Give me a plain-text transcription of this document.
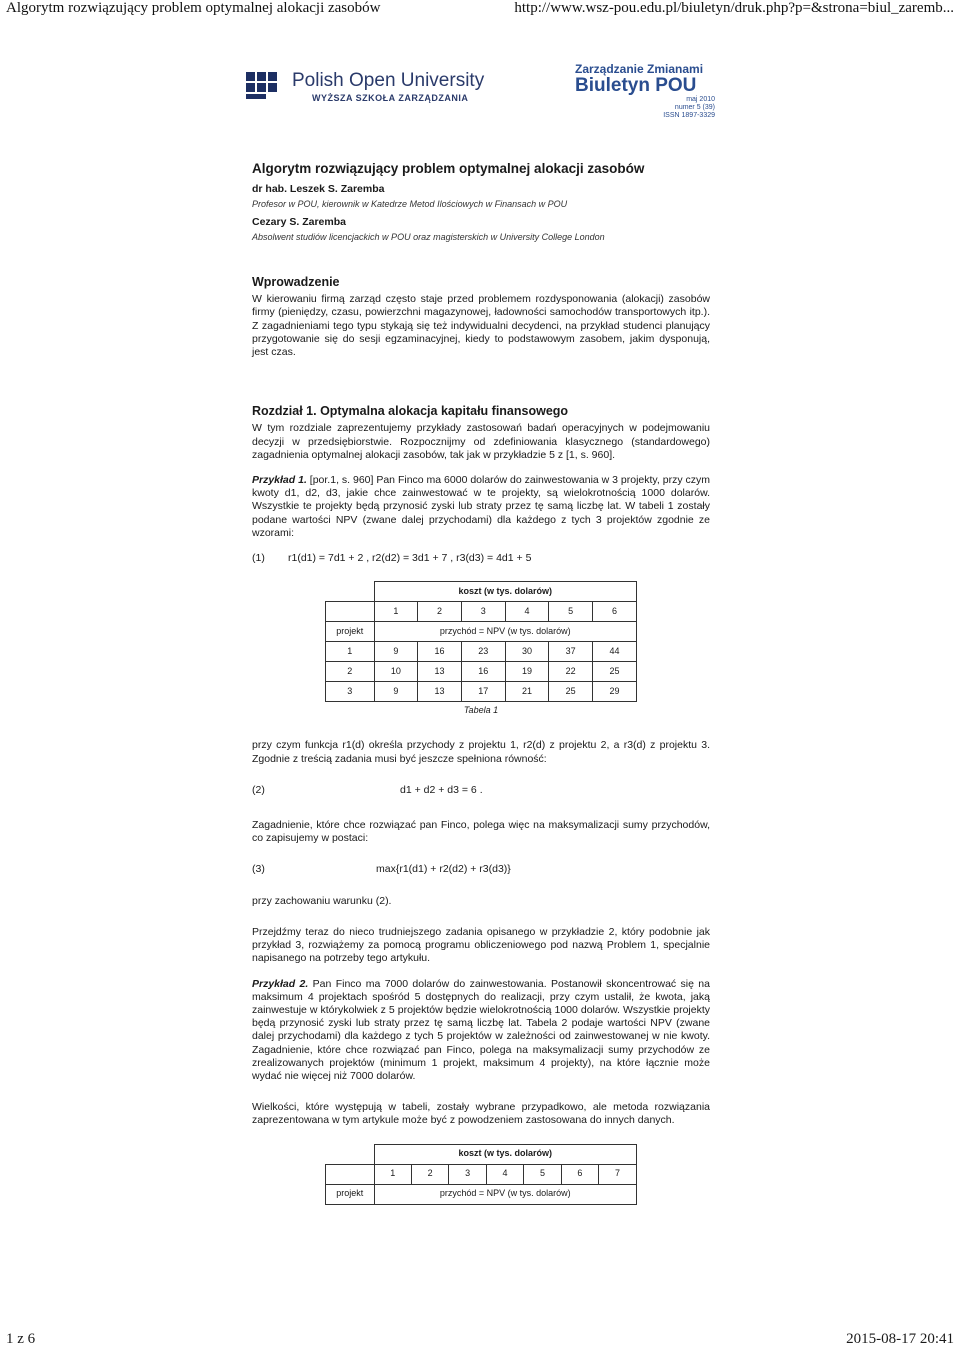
Algorytm rozwiązujący problem optymalnej alokacji zasobów	http://www.wsz-pou.edu.pl/biuletyn/druk.php?p=&strona=biul_zaremb...
Polish Open University
WYŻSZA SZKOŁA ZARZĄDZANIA
Zarządzanie Zmianami
Biuletyn POU
maj 2010
numer 5 (39)
ISSN 1897-3329
Algorytm rozwiązujący problem optymalnej alokacji zasobów
dr hab. Leszek S. Zaremba
Profesor w POU, kierownik w Katedrze Metod Ilościowych w Finansach w POU
Cezary S. Zaremba
Absolwent studiów licencjackich w POU oraz magisterskich w University College London
Wprowadzenie

W kierowaniu firmą zarząd często staje przed problemem rozdysponowania (alokacji) zasobów firmy (pieniędzy, czasu, powierzchni magazynowej, ładowności samochodów transportowych itp.). Z zagadnieniami tego typu stykają się też indywidualni decydenci, na przykład studenci planujący przygotowanie się do sesji egzaminacyjnej, kiedy to podstawowym zasobem, jakim dysponują, jest czas.

Rozdział 1. Optymalna alokacja kapitału finansowego

W tym rozdziale zaprezentujemy przykłady zastosowań badań operacyjnych w podejmowaniu decyzji w przedsiębiorstwie. Rozpocznijmy od zdefiniowania klasycznego (standardowego) zagadnienia optymalnej alokacji zasobów, tak jak w przykładzie 5 z [1, s. 960].

Przykład 1. [por.1, s. 960] Pan Finco ma 6000 dolarów do zainwestowania w 3 projekty, przy czym kwoty d1, d2, d3, jakie chce zainwestować w te projekty, są wielokrotnością 1000 dolarów. Wszystkie te projekty będą przynosić zyski lub straty przez tę samą liczbę lat. W tabeli 1 zostały podane wartości NPV (zwane dalej przychodami) dla każdego z tych 3 projektów zgodnie ze wzorami:

(1)	r1(d1) = 7d1 + 2 , r2(d2) = 3d1 + 7 , r3(d3) = 4d1 + 5
	koszt (w tys. dolarów)					
	1	2	3	4	5	6
projekt	przychód = NPV (w tys. dolarów)					
1	9	16	23	30	37	44
2	10	13	16	19	22	25
3	9	13	17	21	25	29
Tabela 1

przy czym funkcja r1(d) określa przychody z projektu 1, r2(d) z projektu 2, a r3(d) z projektu 3. Zgodnie z treścią zadania musi być jeszcze spełniona równość:

(2)	d1 + d2 + d3 = 6 .

Zagadnienie, które chce rozwiązać pan Finco, polega więc na maksymalizacji sumy przychodów, co zapisujemy w postaci:

(3)	max{r1(d1) + r2(d2) + r3(d3)}

przy zachowaniu warunku (2).

Przejdźmy teraz do nieco trudniejszego zadania opisanego w przykładzie 2, który podobnie jak przykład 3, rozwiążemy za pomocą programu obliczeniowego pod nazwą Problem 1, specjalnie napisanego na potrzeby tego artykułu.

Przykład 2. Pan Finco ma 7000 dolarów do zainwestowania. Postanowił skoncentrować się na maksimum 4 projektach spośród 5 dostępnych do realizacji, przy czym ustalił, że kwota, jaką zainwestuje w którykolwiek z 5 projektów będzie wielokrotnością 1000 dolarów. Wszystkie projekty będą przynosić zyski lub straty przez tę samą liczbę lat. Tabela 2 podaje wartości NPV (zwane dalej przychodami) dla każdego z tych 5 projektów w zależności od zainwestowanej w nie kwoty. Zagadnienie, które chce rozwiązać pan Finco, polega na maksymalizacji sumy przychodów ze zrealizowanych projektów (minimum 1 projekt, maksimum 4 projekty), na które łącznie może wydać nie więcej niż 7000 dolarów.

Wielkości, które występują w tabeli, zostały wybrane przypadkowo, ale metoda rozwiązania zaprezentowana w tym artykule może być z powodzeniem zastosowana do innych danych.

	koszt (w tys. dolarów)						
	1	2	3	4	5	6	7
projekt	przychód = NPV (w tys. dolarów)						
1 z 6	2015-08-17 20:41
